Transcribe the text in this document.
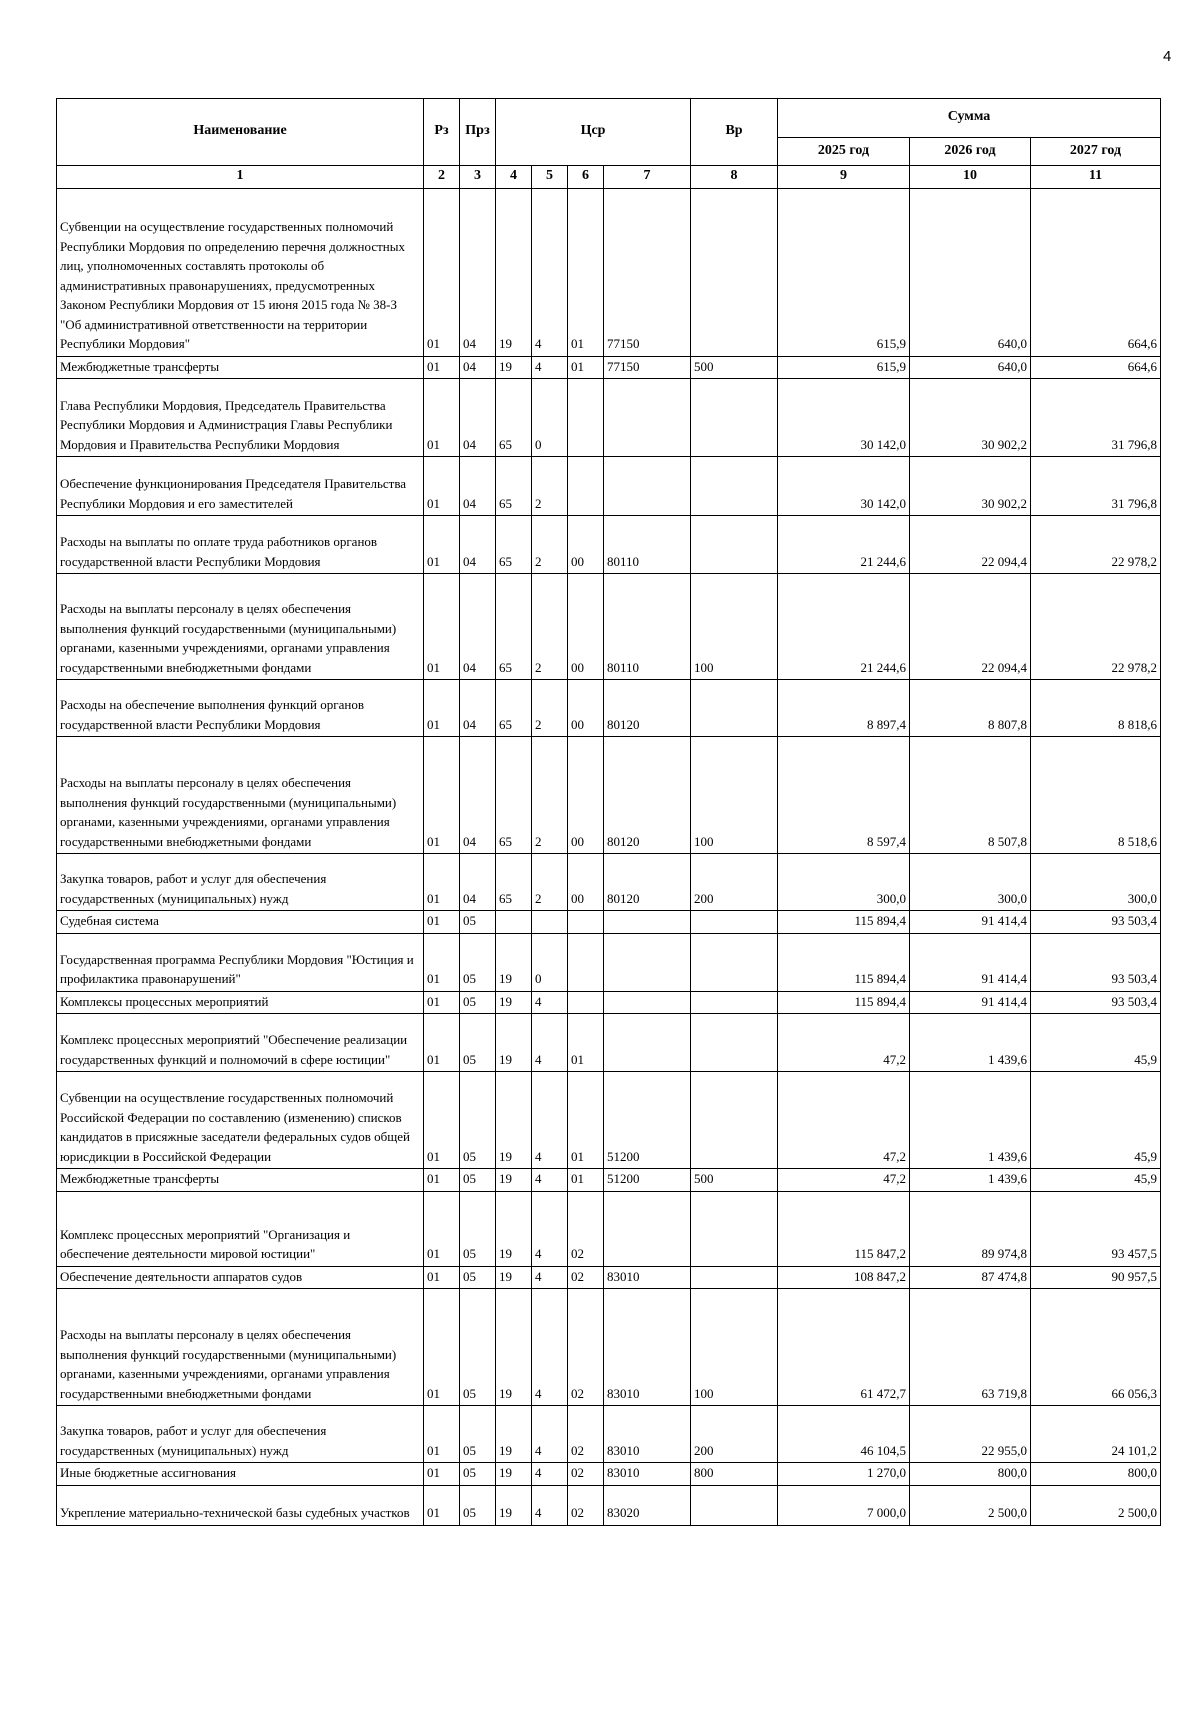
4
Наименование	Рз	Прз	Цср				Вр	Сумма		
								2025 год	2026 год	2027 год
1	2	3	4	5	6	7	8	9	10	11
Субвенции на осуществление государственных полномочий Республики Мордовия по определению перечня должностных лиц, уполномоченных составлять протоколы об административных правонарушениях, предусмотренных Законом Республики Мордовия от 15 июня 2015 года № 38-З "Об административной ответственности на территории Республики Мордовия"	01	04	19	4	01	77150		615,9	640,0	664,6
Межбюджетные трансферты	01	04	19	4	01	77150	500	615,9	640,0	664,6
Глава Республики Мордовия, Председатель Правительства Республики Мордовия и Администрация Главы Республики Мордовия и Правительства Республики Мордовия	01	04	65	0				30 142,0	30 902,2	31 796,8
Обеспечение функционирования Председателя Правительства Республики Мордовия и его заместителей	01	04	65	2				30 142,0	30 902,2	31 796,8
Расходы на выплаты по оплате труда работников органов государственной власти Республики Мордовия	01	04	65	2	00	80110		21 244,6	22 094,4	22 978,2
Расходы на выплаты персоналу в целях обеспечения выполнения функций государственными (муниципальными) органами, казенными учреждениями, органами управления государственными внебюджетными фондами	01	04	65	2	00	80110	100	21 244,6	22 094,4	22 978,2
Расходы на обеспечение выполнения функций органов государственной власти Республики Мордовия	01	04	65	2	00	80120		8 897,4	8 807,8	8 818,6
Расходы на выплаты персоналу в целях обеспечения выполнения функций государственными (муниципальными) органами, казенными учреждениями, органами управления государственными внебюджетными фондами	01	04	65	2	00	80120	100	8 597,4	8 507,8	8 518,6
Закупка товаров, работ и услуг для обеспечения государственных (муниципальных) нужд	01	04	65	2	00	80120	200	300,0	300,0	300,0
Судебная система	01	05						115 894,4	91 414,4	93 503,4
Государственная программа Республики Мордовия "Юстиция и профилактика правонарушений"	01	05	19	0				115 894,4	91 414,4	93 503,4
Комплексы процессных мероприятий	01	05	19	4				115 894,4	91 414,4	93 503,4
Комплекс процессных мероприятий "Обеспечение реализации государственных функций и полномочий в сфере юстиции"	01	05	19	4	01			47,2	1 439,6	45,9
Субвенции на осуществление государственных полномочий Российской Федерации по составлению (изменению) списков кандидатов в присяжные заседатели федеральных судов общей юрисдикции в Российской Федерации	01	05	19	4	01	51200		47,2	1 439,6	45,9
Межбюджетные трансферты	01	05	19	4	01	51200	500	47,2	1 439,6	45,9
Комплекс процессных мероприятий "Организация и обеспечение деятельности мировой юстиции"	01	05	19	4	02			115 847,2	89 974,8	93 457,5
Обеспечение деятельности аппаратов судов	01	05	19	4	02	83010		108 847,2	87 474,8	90 957,5
Расходы на выплаты персоналу в целях обеспечения выполнения функций государственными (муниципальными) органами, казенными учреждениями, органами управления государственными внебюджетными фондами	01	05	19	4	02	83010	100	61 472,7	63 719,8	66 056,3
Закупка товаров, работ и услуг для обеспечения государственных (муниципальных) нужд	01	05	19	4	02	83010	200	46 104,5	22 955,0	24 101,2
Иные бюджетные ассигнования	01	05	19	4	02	83010	800	1 270,0	800,0	800,0
Укрепление материально-технической базы судебных участков	01	05	19	4	02	83020		7 000,0	2 500,0	2 500,0
